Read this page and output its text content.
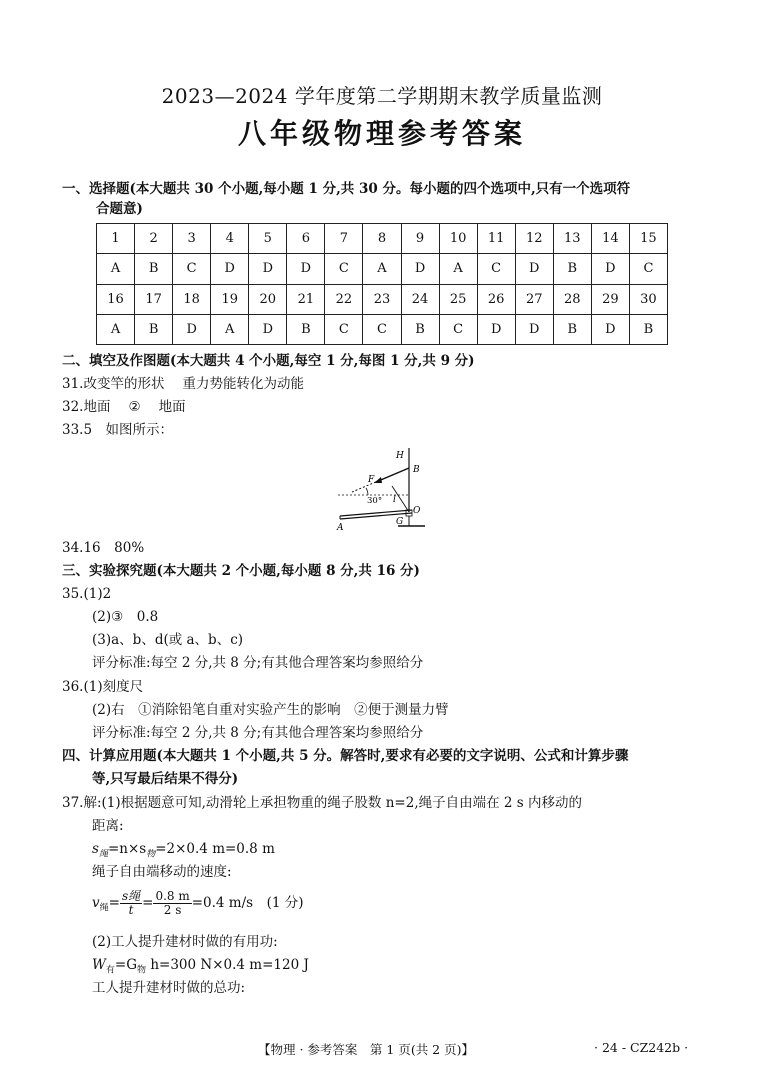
2023—2024 学年度第二学期期末教学质量监测
八年级物理参考答案
一、选择题(本大题共 30 个小题,每小题 1 分,共 30 分。每小题的四个选项中,只有一个选项符
合题意)
1	2	3	4	5	6	7	8	9	10	11	12	13	14	15
A	B	C	D	D	D	C	A	D	A	C	D	B	D	C
16	17	18	19	20	21	22	23	24	25	26	27	28	29	30
A	B	D	A	D	B	C	C	B	C	D	D	B	D	B
二、填空及作图题(本大题共 4 个小题,每空 1 分,每图 1 分,共 9 分)
31.改变竿的形状 重力势能转化为动能
32.地面 ② 地面
33.5　如图所示：
H
B
F
30° l
O
A
G
34.16　80%
三、实验探究题(本大题共 2 个小题,每小题 8 分,共 16 分)
35.(1)2
(2)③　0.8
(3)a、b、d(或 a、b、c)
评分标准:每空 2 分,共 8 分;有其他合理答案均参照给分
36.(1)刻度尺
(2)右　①消除铅笔自重对实验产生的影响　②便于测量力臂
评分标准:每空 2 分,共 8 分;有其他合理答案均参照给分
四、计算应用题(本大题共 1 个小题,共 5 分。解答时,要求有必要的文字说明、公式和计算步骤
等,只写最后结果不得分)
37.解:(1)根据题意可知,动滑轮上承担物重的绳子股数 n=2,绳子自由端在 2 s 内移动的
距离:
$s_绳=n\times s_物=2\times 0.4$ m=0.8 m
绳子自由端移动的速度:
$v_绳= \frac{\text{s绳}}{t} = \frac{0.8 m}{2 s} =0.4$ m/s　(1 分)
(2)工人提升建材时做的有用功:
$W_有=G_物$ h=300 N×0.4 m=120 J
工人提升建材时做的总功:
【物理 · 参考答案　第 1 页(共 2 页)】	· 24 - CZ242b ·
